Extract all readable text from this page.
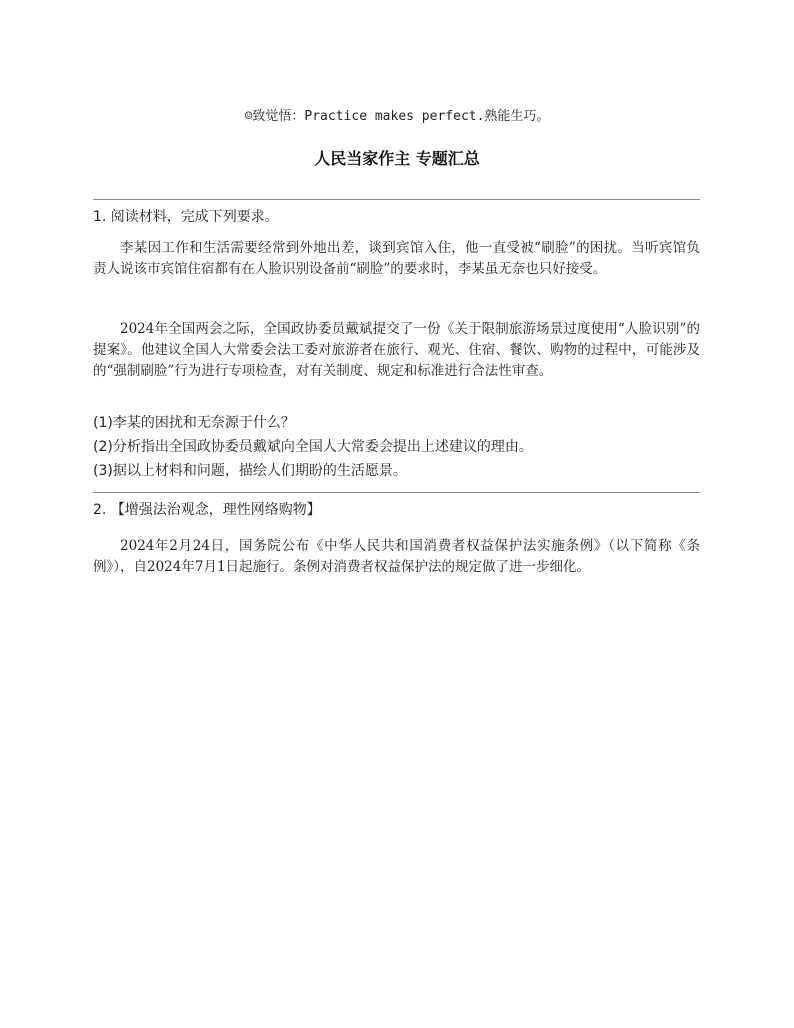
☺致觉悟：Practice makes perfect.熟能生巧。
人民当家作主 专题汇总
1. 阅读材料，完成下列要求。
李某因工作和生活需要经常到外地出差，谈到宾馆入住，他一直受被“刷脸”的困扰。当听宾馆负责人说该市宾馆住宿都有在人脸识别设备前“刷脸”的要求时，李某虽无奈也只好接受。
2024年全国两会之际，全国政协委员戴斌提交了一份《关于限制旅游场景过度使用“人脸识别”的提案》。他建议全国人大常委会法工委对旅游者在旅行、观光、住宿、餐饮、购物的过程中，可能涉及的“强制刷脸”行为进行专项检查，对有关制度、规定和标准进行合法性审查。
(1)李某的困扰和无奈源于什么？
(2)分析指出全国政协委员戴斌向全国人大常委会提出上述建议的理由。
(3)据以上材料和问题，描绘人们期盼的生活愿景。
2. 【增强法治观念，理性网络购物】
2024年2月24日，国务院公布《中华人民共和国消费者权益保护法实施条例》（以下简称《条例》），自2024年7月1日起施行。条例对消费者权益保护法的规定做了进一步细化。
